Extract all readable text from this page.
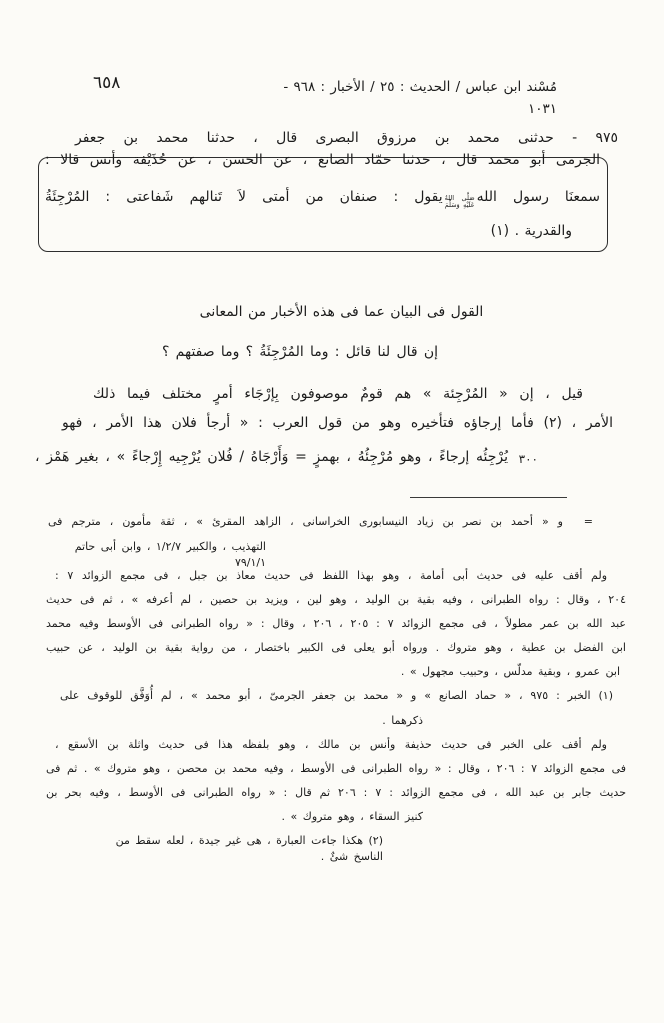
٦٥٨	مُسْند ابن عباس / الحديث : ٢٥ / الأخبار : ٩٦٨ - ١٠٣١
٩٧٥ - حدثنى محمد بن مرزوق البصرى قال ، حدثنا محمد بن جعفر
الجرمى أبو محمد قال ، حدثنا حمّاد الصانع ، عن الحسن ، عن حُذَيْفة وأنس قالا :
سمعنَا رسول الله
صَلَّى اللهُ
عَلَيْهِ وَسَلَّمَ
يقول : صنفان من أمتى لاَ تَنالهم شَفاعتى : المُرْجِئَةُ
والقدرية . (١)
القول فى البيان عما فى هذه الأخبار من المعانى
إن قال لنا قائل : وما المُرْجِئَةُ ؟ وما صفتهم ؟
قيل ، إن « المُرْجِئة » هم قومٌ موصوفون بِإرْجَاء أمرٍ مختلف فيما ذلك
الأمر ، (٢) فأما إرجاؤه فتأخيره وهو من قول العرب : « أرجأ فلان هذا الأمر ، فهو
٣٠٠
يُرْجِئُه إرجاءً ، وهو مُرْجِئُهُ ، بهمزٍ = وَأَرْجَاهُ / فُلان يُرْجِيه إِرْجاءً » ، بغير هَمْز ،
=
و « أحمد بن نصر بن زياد النيسابورى الخراسانى ، الزاهد المقرئ » ، ثقة مأمون ، مترجم فى
التهذيب ، والكبير ١/٢/٧ ، وابن أبى حاتم ٧٩/١/١
ولم أقف عليه فى حديث أبى أمامة ، وهو بهذا اللفظ فى حديث معاذ بن جبل ، فى مجمع الزوائد ٧ :
٢٠٤ ، وقال : رواه الطبرانى ، وفيه بقية بن الوليد ، وهو لين ، ويزيد بن حصين ، لم أعرفه » ، ثم فى حديث
عبد الله بن عمر مطولاً ، فى مجمع الزوائد ٧ : ٢٠٥ ، ٢٠٦ ، وقال : « رواه الطبرانى فى الأوسط وفيه محمد
ابن الفضل بن عطية ، وهو متروك . ورواه أبو يعلى فى الكبير باختصار ، من رواية بقية بن الوليد ، عن حبيب
ابن عمرو ، وبقية مدلّس ، وحبيب مجهول » .
(١) الخبر : ٩٧٥ ، « حماد الصانع » و « محمد بن جعفر الجرمىّ ، أبو محمد » ، لم أُوَفَّق للوقوف على
ذكرهما .
ولم أقف على الخبر فى حديث حذيفة وأنس بن مالك ، وهو بلفظه هذا فى حديث واثلة بن الأسقع ،
فى مجمع الزوائد ٧ : ٢٠٦ ، وقال : « رواه الطبرانى فى الأوسط ، وفيه محمد بن محصن ، وهو متروك » . ثم فى
حديث جابر بن عبد الله ، فى مجمع الزوائد : ٧ : ٢٠٦ ثم قال : « رواه الطبرانى فى الأوسط ، وفيه بحر بن
كنيز السقاء ، وهو متروك » .
(٢) هكذا جاءت العبارة ، هى غير جيدة ، لعله سقط من الناسخ شئٌ .
